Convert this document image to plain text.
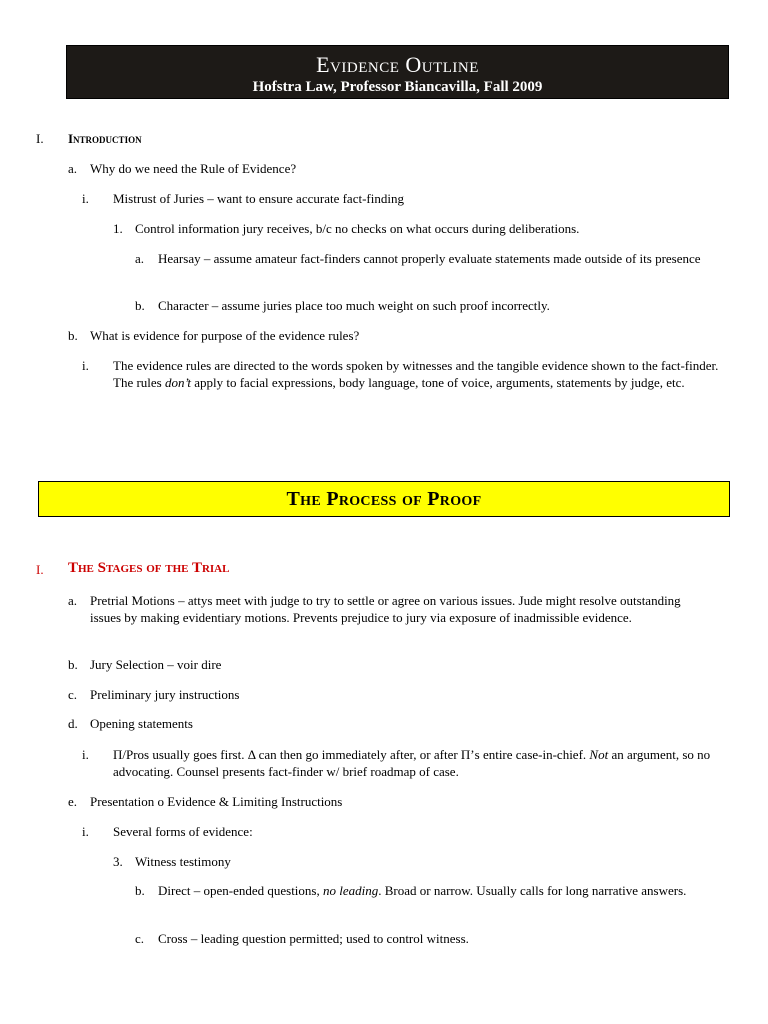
Evidence Outline
Hofstra Law, Professor Biancavilla, Fall 2009
I. Introduction
a. Why do we need the Rule of Evidence?
i. Mistrust of Juries – want to ensure accurate fact-finding
1. Control information jury receives, b/c no checks on what occurs during deliberations.
a. Hearsay – assume amateur fact-finders cannot properly evaluate statements made outside of its presence
b. Character – assume juries place too much weight on such proof incorrectly.
b. What is evidence for purpose of the evidence rules?
i. The evidence rules are directed to the words spoken by witnesses and the tangible evidence shown to the fact-finder. The rules don’t apply to facial expressions, body language, tone of voice, arguments, statements by judge, etc.
The Process of Proof
I. The Stages of the Trial
a. Pretrial Motions – attys meet with judge to try to settle or agree on various issues. Jude might resolve outstanding issues by making evidentiary motions. Prevents prejudice to jury via exposure of inadmissible evidence.
b. Jury Selection – voir dire
c. Preliminary jury instructions
d. Opening statements
i. Π/Pros usually goes first. Δ can then go immediately after, or after Π’s entire case-in-chief. Not an argument, so no advocating. Counsel presents fact-finder w/ brief roadmap of case.
e. Presentation o Evidence & Limiting Instructions
i. Several forms of evidence:
3. Witness testimony
b. Direct – open-ended questions, no leading. Broad or narrow. Usually calls for long narrative answers.
c. Cross – leading question permitted; used to control witness.
